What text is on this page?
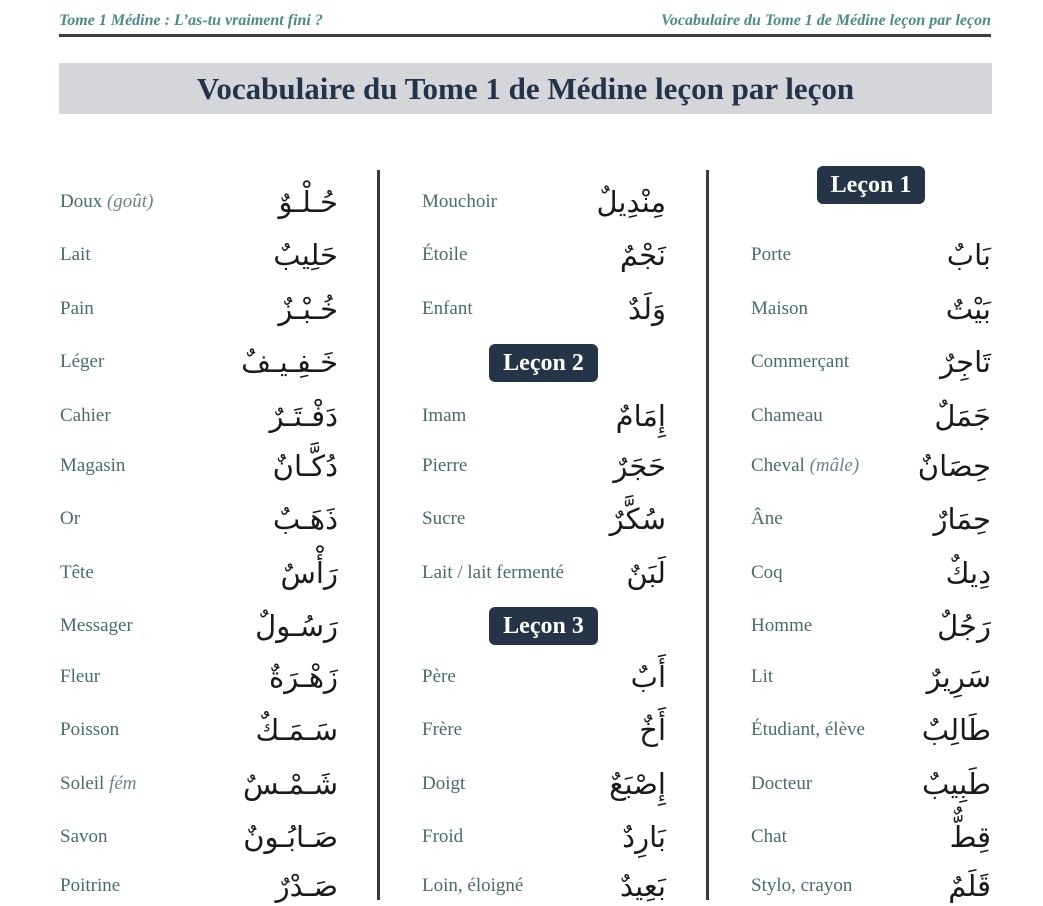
Tome 1 Médine : L’as-tu vraiment fini ?	Vocabulaire du Tome 1 de Médine leçon par leçon
Vocabulaire du Tome 1 de Médine leçon par leçon
Doux (goût)	حُـلْـوٌ
Lait	حَلِيبٌ
Pain	خُـبْـزٌ
Léger	خَـفِـيـفٌ
Cahier	دَفْـتَـرٌ
Magasin	دُكَّـانٌ
Or	ذَهَـبٌ
Tête	رَأْسٌ
Messager	رَسُـولٌ
Fleur	زَهْـرَةٌ
Poisson	سَـمَـكٌ
Soleil fém	شَـمْـسٌ
Savon	صَـابُـونٌ
Poitrine	صَـدْرٌ
Mouchoir	مِنْدِيلٌ
Étoile	نَجْمٌ
Enfant	وَلَدٌ
Leçon 2
Imam	إِمَامٌ
Pierre	حَجَرٌ
Sucre	سُكَّرٌ
Lait / lait fermenté لَبَنٌ
Leçon 3
Père	أَبٌ
Frère	أَخٌ
Doigt	إِصْبَعٌ
Froid	بَارِدٌ
Loin, éloigné	بَعِيدٌ
Leçon 1
Porte	بَابٌ
Maison	بَيْتٌ
Commerçant	تَاجِرٌ
Chameau	جَمَلٌ
Cheval (mâle) حِصَانٌ
Âne	حِمَارٌ
Coq	دِيكٌ
Homme	رَجُلٌ
Lit	سَرِيرٌ
Étudiant, élève طَالِبٌ
Docteur	طَبِيبٌ
Chat	قِطٌّ
Stylo, crayon	قَلَمٌ
